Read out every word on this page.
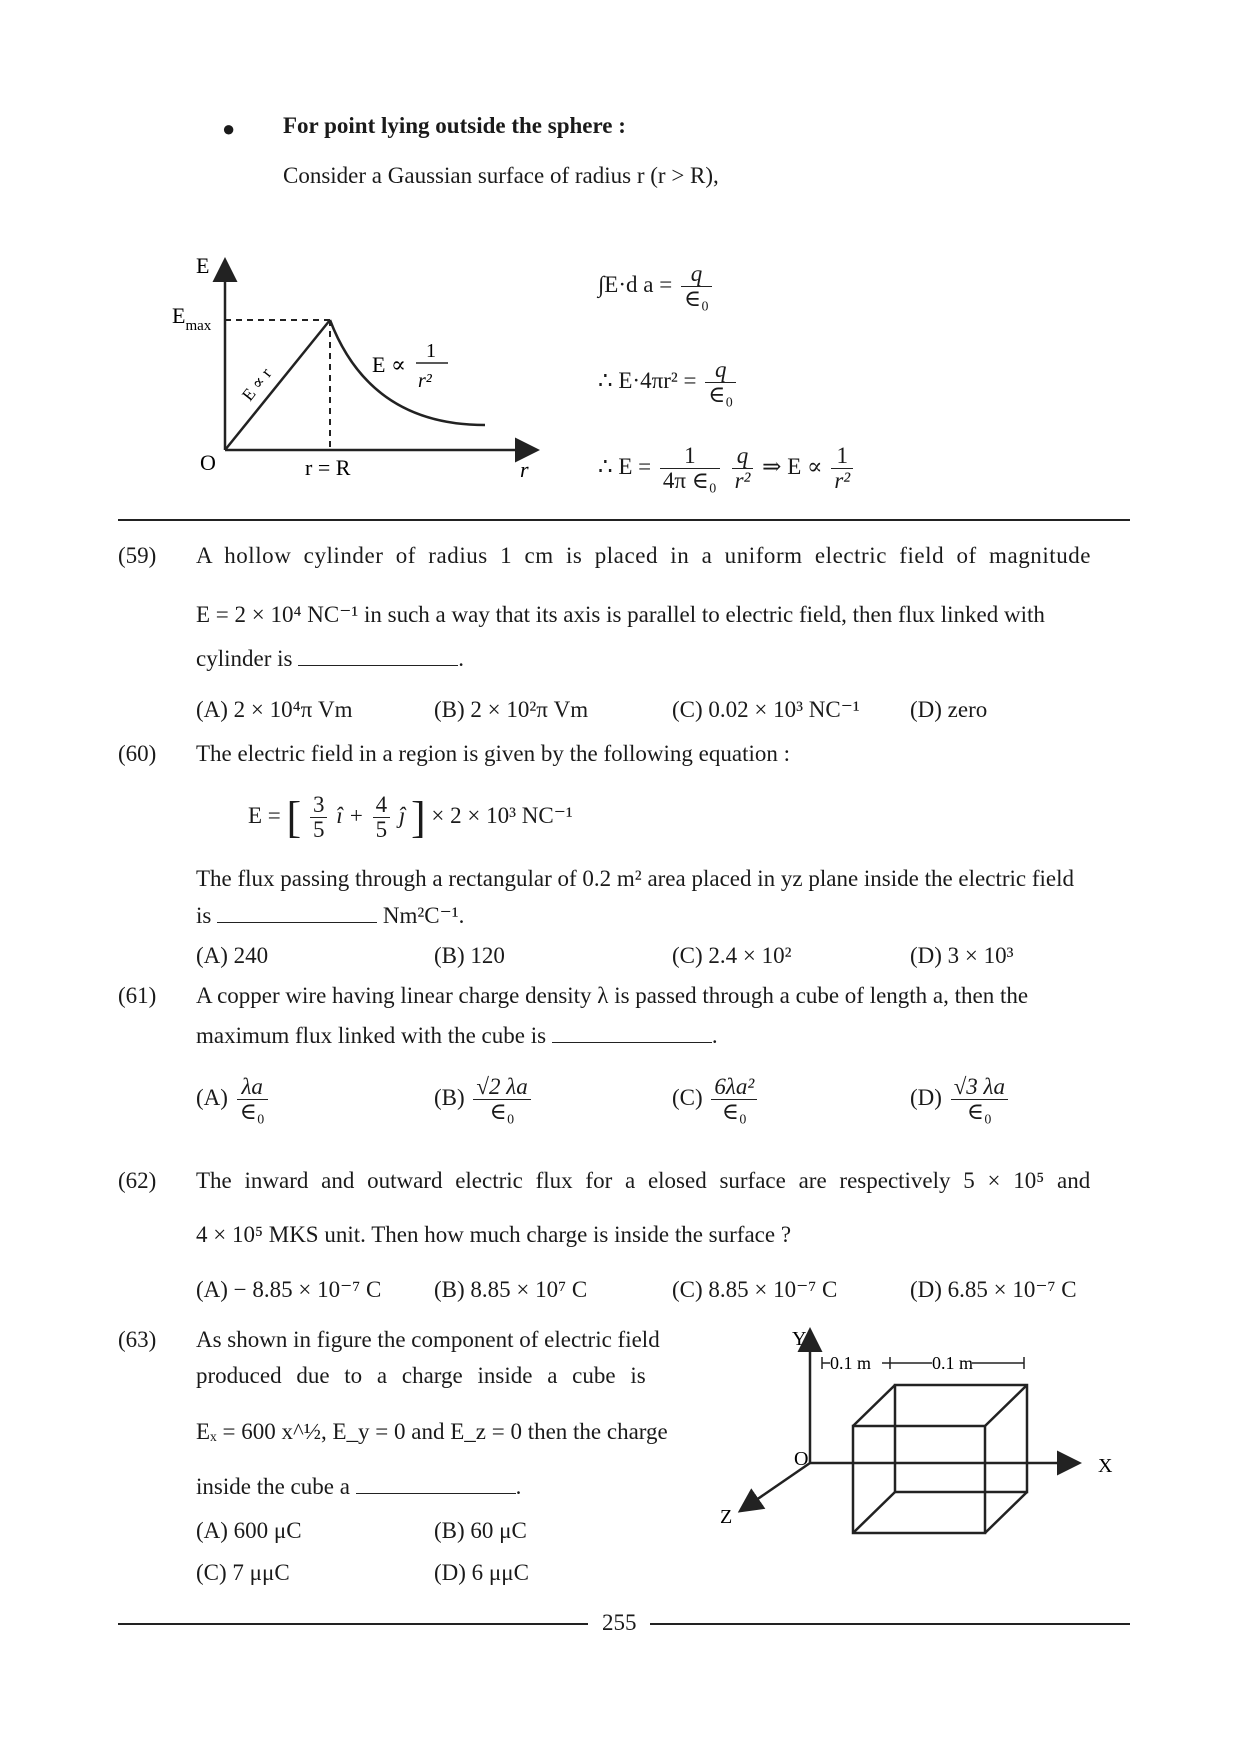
● For point lying outside the sphere :
Consider a Gaussian surface of radius r (r > R),
E
r
O
$E_{max}$
r = R
E ∝ r	E ∝
1
r²
∫E·d $a = \frac{q}{\text{∈₀}}$
∴ $E\cdot 4\pi r^2 = \frac{q}{\text{∈₀}}$
∴ $E = \frac{1}{\text{4π ∈₀}}$
$\frac{q}{\text{r²}}$ ⇒ $E \propto \frac{1}{\text{r²}}$
(59) A hollow cylinder of radius 1 cm is placed in a uniform electric field of magnitude
E = 2 × 10⁴ NC⁻¹ in such a way that its axis is parallel to electric field, then flux linked with
cylinder is	.
(A) 2 × 10⁴π Vm	(B) 2 × 10²π Vm	(C) 0.02 × 10³ NC⁻¹ (D) zero
(60) The electric field in a region is given by the following equation :
E = [ $\frac{3}{5}$ î + $\frac{4}{5}$ ĵ ] × 2 × 10³ NC⁻¹
The flux passing through a rectangular of 0.2 m² area placed in yz plane inside the electric field
is	Nm²C⁻¹.
(A) 240	(B) 120	(C) 2.4 × 10²	(D) 3 × 10³
(61) A copper wire having linear charge density λ is passed through a cube of length a, then the
maximum flux linked with the cube is	.
$(A) \frac{\lambda a}{\text{∈₀}}$	$(B) \frac{√2 \lambda a}{\text{∈₀}}$	$(C) \frac{\text{6λa²}}{\text{∈₀}}$	$(D) \frac{√3 \lambda a}{\text{∈₀}}$
(62) The inward and outward electric flux for a elosed surface are respectively 5 × 10⁵ and
4 × 10⁵ MKS unit. Then how much charge is inside the surface ?
(A) − 8.85 × 10⁻⁷ C (B) 8.85 × 10⁷ C	(C) 8.85 × 10⁻⁷ C	(D) 6.85 × 10⁻⁷ C
(63) As shown in figure the component of electric field
produced due to a charge inside a cube is
Eₓ = 600 x^½, E_y = 0 and E_z = 0 then the charge
inside the cube a	.
(A) 600 μC	(B) 60 μC
(C) 7 μμC	(D) 6 μμC
Y
X
Z
O
0.1 m	0.1 m
255
